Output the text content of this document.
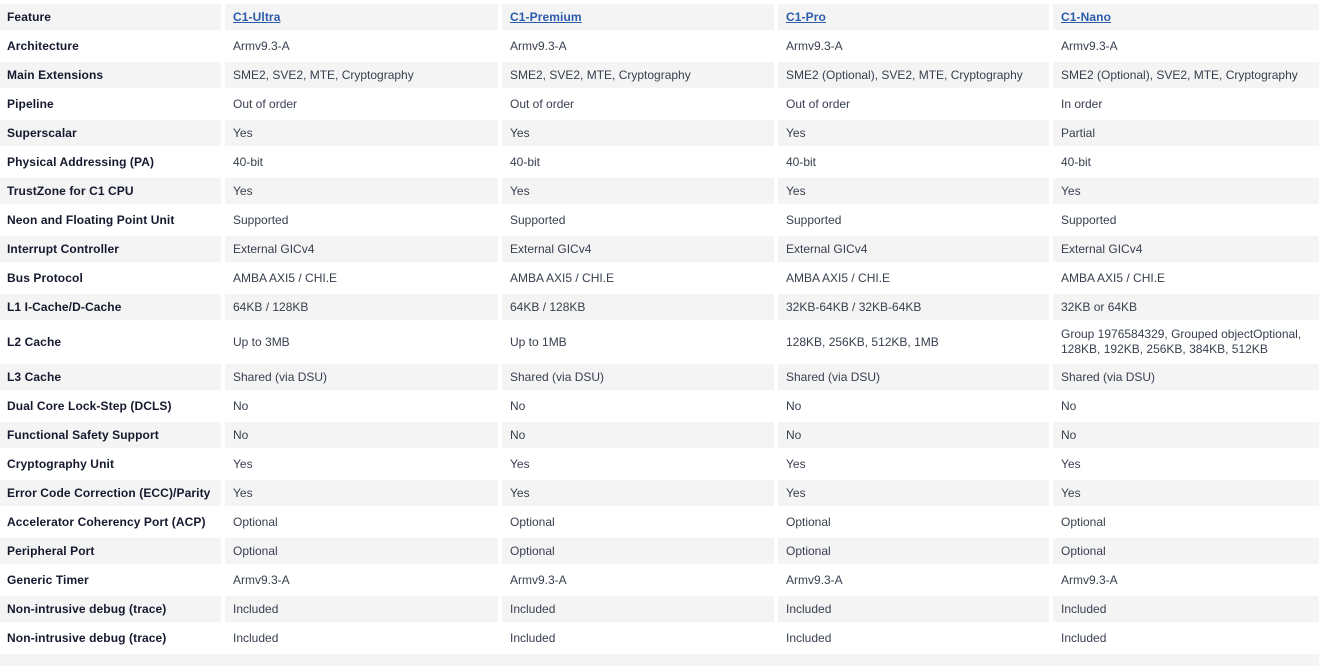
Feature	C1-Ultra	C1-Premium	C1-Pro	C1-Nano
Architecture	Armv9.3-A	Armv9.3-A	Armv9.3-A	Armv9.3-A
Main Extensions	SME2, SVE2, MTE, Cryptography	SME2, SVE2, MTE, Cryptography	SME2 (Optional), SVE2, MTE, Cryptography	SME2 (Optional), SVE2, MTE, Cryptography
Pipeline	Out of order	Out of order	Out of order	In order
Superscalar	Yes	Yes	Yes	Partial
Physical Addressing (PA)	40-bit	40-bit	40-bit	40-bit
TrustZone for C1 CPU	Yes	Yes	Yes	Yes
Neon and Floating Point Unit	Supported	Supported	Supported	Supported
Interrupt Controller	External GICv4	External GICv4	External GICv4	External GICv4
Bus Protocol	AMBA AXI5 / CHI.E	AMBA AXI5 / CHI.E	AMBA AXI5 / CHI.E	AMBA AXI5 / CHI.E
L1 I-Cache/D-Cache	64KB / 128KB	64KB / 128KB	32KB-64KB / 32KB-64KB	32KB or 64KB
L2 Cache	Up to 3MB	Up to 1MB	128KB, 256KB, 512KB, 1MB	Group 1976584329, Grouped objectOptional, 128KB, 192KB, 256KB, 384KB, 512KB
L3 Cache	Shared (via DSU)	Shared (via DSU)	Shared (via DSU)	Shared (via DSU)
Dual Core Lock-Step (DCLS)	No	No	No	No
Functional Safety Support	No	No	No	No
Cryptography Unit	Yes	Yes	Yes	Yes
Error Code Correction (ECC)/Parity	Yes	Yes	Yes	Yes
Accelerator Coherency Port (ACP)	Optional	Optional	Optional	Optional
Peripheral Port	Optional	Optional	Optional	Optional
Generic Timer	Armv9.3-A	Armv9.3-A	Armv9.3-A	Armv9.3-A
Non-intrusive debug (trace)	Included	Included	Included	Included
Non-intrusive debug (trace)	Included	Included	Included	Included
